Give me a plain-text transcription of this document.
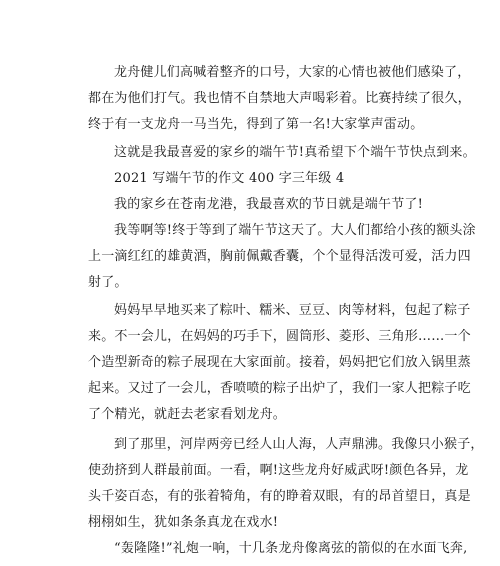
龙舟健儿们高喊着整齐的口号，大家的心情也被他们感染了，
都在为他们打气。我也情不自禁地大声喝彩着。比赛持续了很久，
终于有一支龙舟一马当先，得到了第一名!大家掌声雷动。

这就是我最喜爱的家乡的端午节!真希望下个端午节快点到来。

2021 写端午节的作文 400 字三年级 4

我的家乡在苍南龙港，我最喜欢的节日就是端午节了!

我等啊等!终于等到了端午节这天了。大人们都给小孩的额头涂
上一滴红红的雄黄酒，胸前佩戴香囊，个个显得活泼可爱，活力四
射了。

妈妈早早地买来了粽叶、糯米、豆豆、肉等材料，包起了粽子
来。不一会儿，在妈妈的巧手下，圆筒形、菱形、三角形……一个
个造型新奇的粽子展现在大家面前。接着，妈妈把它们放入锅里蒸
起来。又过了一会儿，香喷喷的粽子出炉了，我们一家人把粽子吃
了个精光，就赶去老家看划龙舟。

到了那里，河岸两旁已经人山人海，人声鼎沸。我像只小猴子，
使劲挤到人群最前面。一看，啊!这些龙舟好威武呀!颜色各异，龙
头千姿百态，有的张着犄角，有的睁着双眼，有的昂首望日，真是
栩栩如生，犹如条条真龙在戏水!

“轰隆隆!”礼炮一响，十几条龙舟像离弦的箭似的在水面飞奔,
